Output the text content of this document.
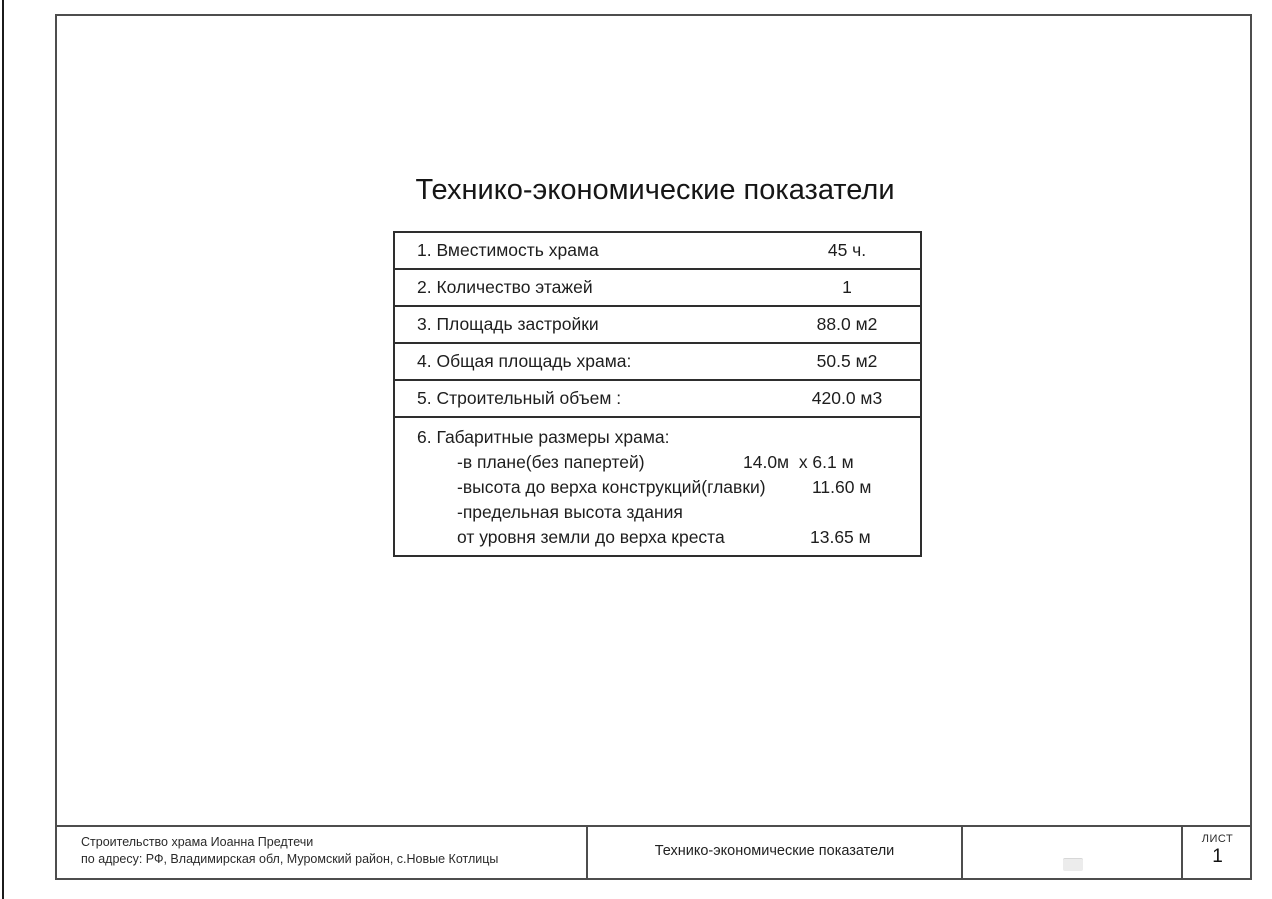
Технико-экономические показатели
1. Вместимость храма	45 ч.
2. Количество этажей	1
3. Площадь застройки	88.0 м2
4. Общая площадь храма:	50.5 м2
5. Строительный объем :	420.0 м3
6. Габаритные размеры храма:
-в плане(без папертей)	14.0м  х 6.1 м
-высота до верха конструкций(главки)	11.60 м
-предельная высота здания
от уровня земли до верха креста	13.65 м
Строительство храма Иоанна Предтечи
по адресу: РФ, Владимирская обл, Муромский район, с.Новые Котлицы	Технико-экономические показатели
ЛИСТ
1
